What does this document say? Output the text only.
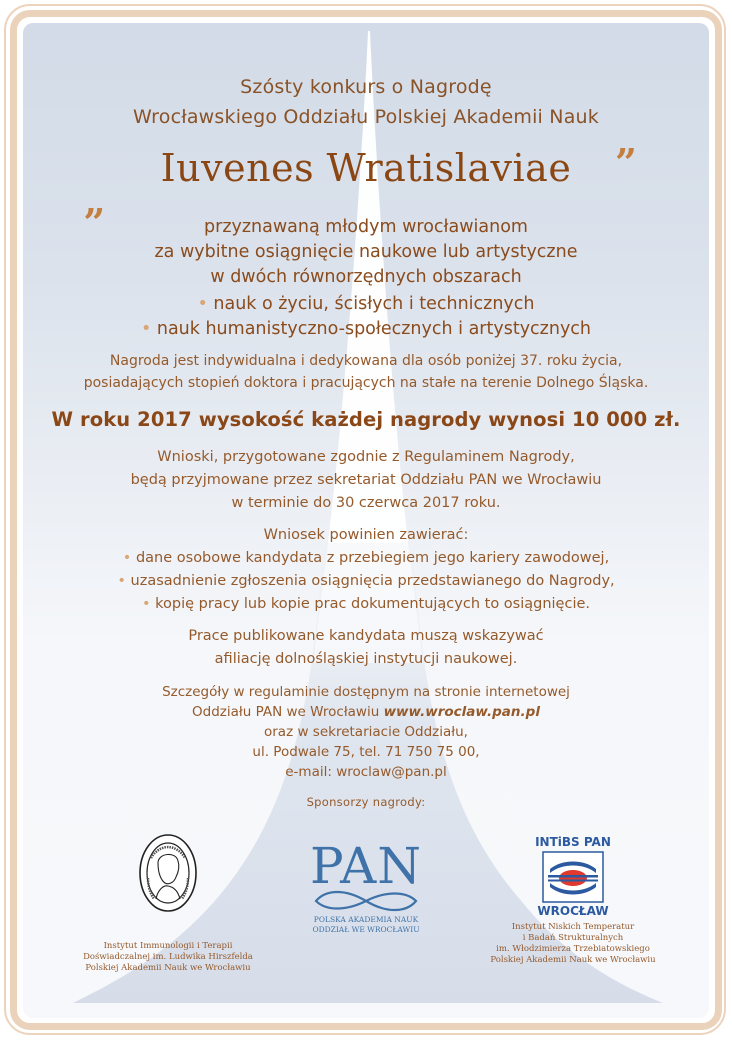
Szósty konkurs o Nagrodę
Wrocławskiego Oddziału Polskiej Akademii Nauk
„
Iuvenes Wratislaviae	”
przyznawaną młodym wrocławianom
za wybitne osiągnięcie naukowe lub artystyczne
w dwóch równorzędnych obszarach
• nauk o życiu, ścisłych i technicznych
• nauk humanistyczno-społecznych i artystycznych
Nagroda jest indywidualna i dedykowana dla osób poniżej 37. roku życia,
posiadających stopień doktora i pracujących na stałe na terenie Dolnego Śląska.
W roku 2017 wysokość każdej nagrody wynosi 10 000 zł.
Wnioski, przygotowane zgodnie z Regulaminem Nagrody,
będą przyjmowane przez sekretariat Oddziału PAN we Wrocławiu
w terminie do 30 czerwca 2017 roku.
Wniosek powinien zawierać:
• dane osobowe kandydata z przebiegiem jego kariery zawodowej,
• uzasadnienie zgłoszenia osiągnięcia przedstawianego do Nagrody,
• kopię pracy lub kopie prac dokumentujących to osiągnięcie.
Prace publikowane kandydata muszą wskazywać
afiliację dolnośląskiej instytucji naukowej.
Szczegóły w regulaminie dostępnym na stronie internetowej
Oddziału PAN we Wrocławiu www.wroclaw.pan.pl
oraz w sekretariacie Oddziału,
ul. Podwale 75, tel. 71 750 75 00,
e-mail: wroclaw@pan.pl
Sponsorzy nagrody:
Instytut Immunologii i Terapii
Doświadczalnej im. Ludwika Hirszfelda
Polskiej Akademii Nauk we Wrocławiu
PAN
POLSKA AKADEMIA NAUK
ODDZIAŁ WE WROCŁAWIU
INTiBS PAN
WROCŁAW
Instytut Niskich Temperatur
i Badań Strukturalnych
im. Włodzimierza Trzebiatowskiego
Polskiej Akademii Nauk we Wrocławiu
